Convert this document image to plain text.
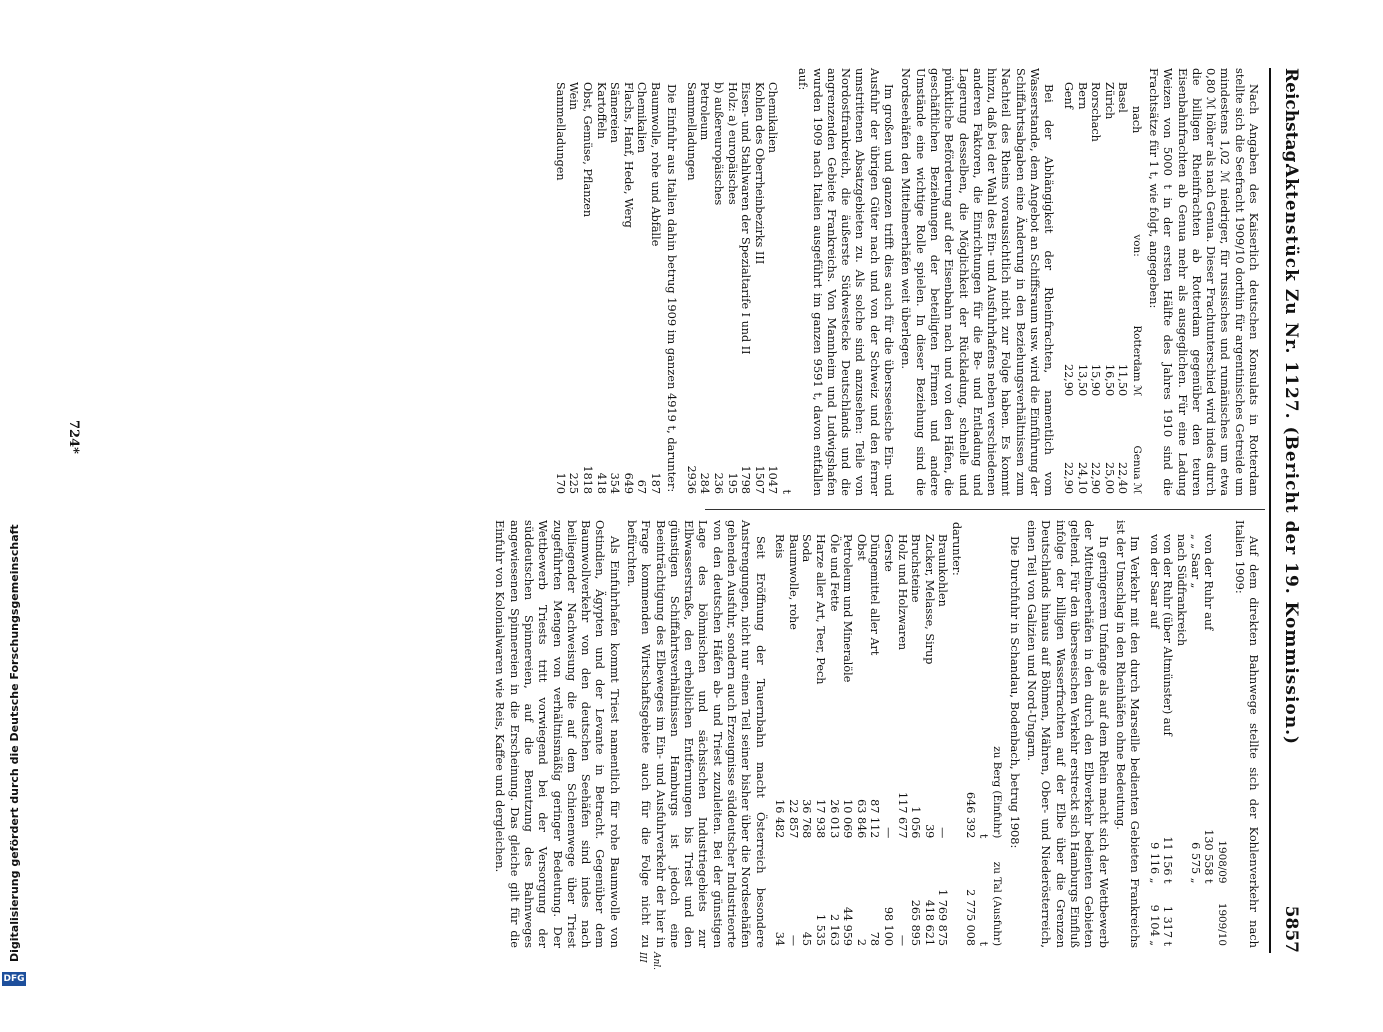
Reichstag.
Aktenstück Zu Nr. 1127. (Bericht der 19. Kommission.)
5857

Nach Angaben des Kaiserlich deutschen Konsulats in Rotterdam stellte sich die Seefracht 1909/10 dorthin für argentinisches Getreide um mindestens 1,02 ℳ niedriger, für russisches und rumänisches um etwa 0,80 ℳ höher als nach Genua. Dieser Frachtunterschied wird indes durch die billigen Rheinfrachten ab Rotterdam gegenüber den teuren Eisenbahnfrachten ab Genua mehr als ausgeglichen. Für eine Ladung Weizen von 5000 t in der ersten Hälfte des Jahres 1910 sind die Frachtsätze für 1 t, wie folgt, angegeben:

nach	von:	Rotterdam ℳ	Genua ℳ
Basel		11,50	22,40
Zürich		16,50	25,00
Rorschach		15,90	22,90
Bern		13,50	24,10
Genf		22,90	22,90

Bei der Abhängigkeit der Rheinfrachten, namentlich vom Wasserstande, dem Angebot an Schiffsraum usw. wird die Einführung der Schiffahrtsabgaben eine Änderung in den Beziehungsverhältnissen zum Nachteil des Rheins voraussichtlich nicht zur Folge haben. Es kommt hinzu, daß bei der Wahl des Ein- und Ausfuhrhafens neben verschiedenen anderen Faktoren, die Einrichtungen für die Be- und Entladung und Lagerung desselben, die Möglichkeit der Rückladung, schnelle und pünktliche Beförderung auf der Eisenbahn nach und von den Häfen, die geschäftlichen Beziehungen der beteiligten Firmen und andere Umstände eine wichtige Rolle spielen. In dieser Beziehung sind die Nordseehäfen den Mittelmeerhäfen weit überlegen.

Im großen und ganzen trifft dies auch für die übersseeische Ein- und Ausfuhr der übrigen Güter nach und von der Schweiz und den ferner umstrittenen Absatzgebieten zu. Als solche sind anzusehen: Teile von Nordostfrankreich, die äußerste Südwestecke Deutschlands und die angrenzenden Gebiete Frankreichs. Von Mannheim und Ludwigshafen wurden 1909 nach Italien ausgeführt im ganzen 9591 t, davon entfallen auf:

	t
Chemikalien	1047
Kohlen des Oberrheinbezirks III	1507
Eisen- und Stahlwaren der Spezialtarife I und II	1798
Holz: a) europäisches	195
b) außereuropäisches	236
Petroleum	284
Sammelladungen	2936

Die Einfuhr aus Italien dahin betrug 1909 im ganzen 4919 t, darunter:

Baumwolle, rohe und Abfälle	187
Chemikalien	67
Flachs, Hanf, Hede, Werg	649
Sämereien	354
Kartoffeln	418
Obst, Gemüse, Pflanzen	1818
Wein	225
Sammelladungen	170

Auf dem direkten Bahnwege stellte sich der Kohlenverkehr nach Italien 1909:

	1908/09	1909/10
von der Ruhr auf	130 558 t	
„ „ Saar „	6 575 „	
nach Südfrankreich		
von der Ruhr (über Altmünster) auf	11 156 t	1 317 t
von der Saar auf	9 116 „	9 104 „

Im Verkehr mit den durch Marseille bedienten Gebieten Frankreichs ist der Umschlag in den Rheinhäfen ohne Bedeutung.

In geringerem Umfange als auf dem Rhein macht sich der Wettbewerb der Mittelmeerhäfen in den durch den Elbverkehr bedienten Gebieten geltend. Für den überseeischen Verkehr erstreckt sich Hamburgs Einfluß infolge der billigen Wasserfrachten auf der Elbe über die Grenzen Deutschlands hinaus auf Böhmen, Mähren, Ober- und Niederösterreich, einen Teil von Galizien und Nord-Ungarn.

Die Durchfuhr in Schandau, Bodenbach, betrug 1908:

	zu Berg (Einfuhr)	zu Tal (Ausfuhr)
	t	t
	646 392	2 775 008
darunter:		
Braunkohlen	—	1 769 875
Zucker, Melasse, Sirup	39	418 621
Bruchsteine	1 056	265 895
Holz und Holzwaren	117 677	—
Gerste	—	98 100
Düngemittel aller Art	87 112	78
Obst	63 846	2
Petroleum und Mineralöle	10 069	44 959
Öle und Fette	26 013	2 163
Harze aller Art, Teer, Pech	17 938	1 535
Soda	36 768	45
Baumwolle, rohe	22 857	—
Reis	16 482	34

Seit Eröffnung der Tauernbahn macht Österreich besondere Anstrengungen, nicht nur einen Teil seiner bisher über die Nordseehäfen gehenden Ausfuhr, sondern auch Erzeugnisse süddeutscher Industrieorte von den deutschen Häfen ab- und Triest zuzuleiten. Bei der günstigen Lage des böhmischen und sächsischen Industriegebiets zur Elbwasserstraße, den erheblichen Entfernungen bis Triest und den günstigen Schiffahrtsverhältnissen Hamburgs ist jedoch eine Beeinträchtigung des Elbeweges im Ein- und Ausfuhrverkehr der hier in Frage kommenden Wirtschaftsgebiete auch für die Folge nicht zu befürchten.

Als Einfuhrhafen kommt Triest namentlich für rohe Baumwolle von Ostindien, Ägypten und der Levante in Betracht. Gegenüber dem Baumwollverkehr von den deutschen Seehäfen sind indes nach beiliegender Nachweisung die auf dem Schienenwege über Triest zugeführten Mengen von verhältnismäßig geringer Bedeutung. Der Wettbewerb Triests tritt vorwiegend bei der Versorgung der süddeutschen Spinnereien, auf die Benutzung des Bahnweges angewiesenen Spinnereien in die Erscheinung. Das gleiche gilt für die Einfuhr von Kolonialwaren wie Reis, Kaffee und dergleichen.

Anl. III
724*
DFG
Digitalisierung gefördert durch die Deutsche Forschungsgemeinschaft
